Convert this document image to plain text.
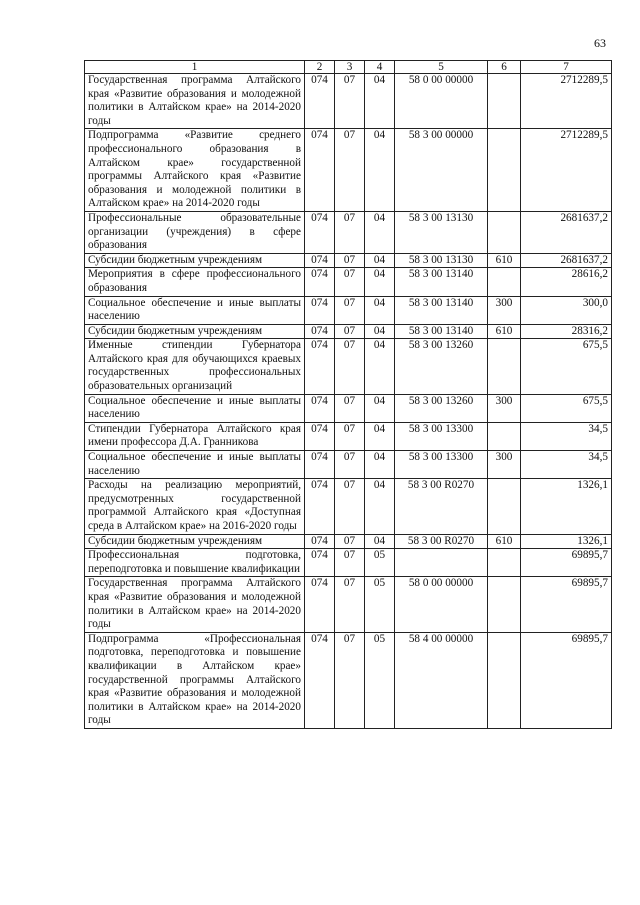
63
1	2	3	4	5	6	7
Государственная программа Алтайского края «Развитие образования и молодежной политики в Алтайском крае» на 2014-2020 годы	074	07	04	58 0 00 00000		2712289,5
Подпрограмма «Развитие среднего профессионального образования в Алтайском крае» государственной программы Алтайского края «Развитие образования и молодежной политики в Алтайском крае» на 2014-2020 годы	074	07	04	58 3 00 00000		2712289,5
Профессиональные образовательные организации (учреждения) в сфере образования	074	07	04	58 3 00 13130		2681637,2
Субсидии бюджетным учреждениям	074	07	04	58 3 00 13130	610	2681637,2
Мероприятия в сфере профессионального образования	074	07	04	58 3 00 13140		28616,2
Социальное обеспечение и иные выплаты населению	074	07	04	58 3 00 13140	300	300,0
Субсидии бюджетным учреждениям	074	07	04	58 3 00 13140	610	28316,2
Именные стипендии Губернатора Алтайского края для обучающихся краевых государственных профессиональных образовательных организаций	074	07	04	58 3 00 13260		675,5
Социальное обеспечение и иные выплаты населению	074	07	04	58 3 00 13260	300	675,5
Стипендии Губернатора Алтайского края имени профессора Д.А. Гранникова	074	07	04	58 3 00 13300		34,5
Социальное обеспечение и иные выплаты населению	074	07	04	58 3 00 13300	300	34,5
Расходы на реализацию мероприятий, предусмотренных государственной программой Алтайского края «Доступная среда в Алтайском крае» на 2016-2020 годы	074	07	04	58 3 00 R0270		1326,1
Субсидии бюджетным учреждениям	074	07	04	58 3 00 R0270	610	1326,1
Профессиональная подготовка, переподготовка и повышение квалификации	074	07	05			69895,7
Государственная программа Алтайского края «Развитие образования и молодежной политики в Алтайском крае» на 2014-2020 годы	074	07	05	58 0 00 00000		69895,7
Подпрограмма «Профессиональная подготовка, переподготовка и повышение квалификации в Алтайском крае» государственной программы Алтайского края «Развитие образования и молодежной политики в Алтайском крае» на 2014-2020 годы	074	07	05	58 4 00 00000		69895,7
